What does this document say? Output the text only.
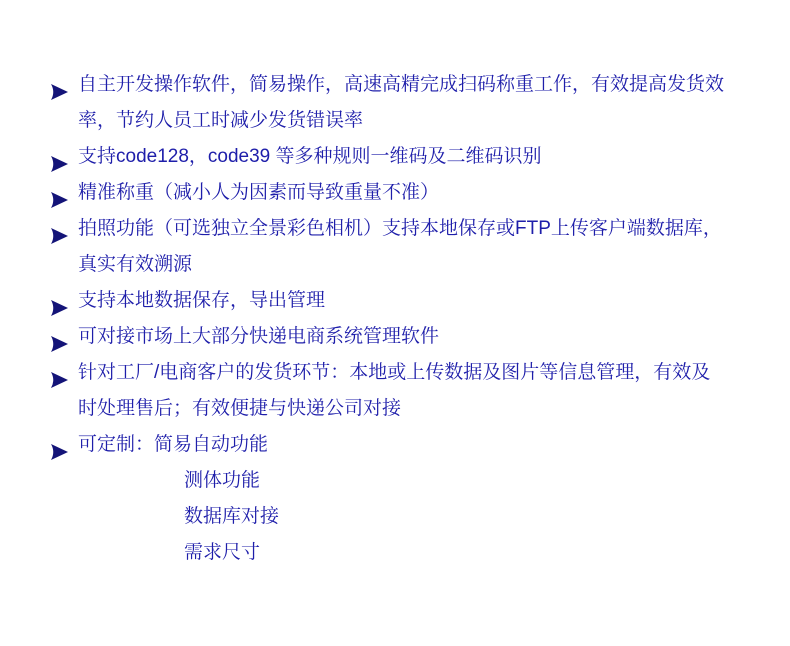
自主开发操作软件，简易操作，高速高精完成扫码称重工作，有效提高发货效率，节约人员工时减少发货错误率
支持code128，code39 等多种规则一维码及二维码识别
精准称重（减小人为因素而导致重量不准）
拍照功能（可选独立全景彩色相机）支持本地保存或FTP上传客户端数据库，真实有效溯源
支持本地数据保存，导出管理
可对接市场上大部分快递电商系统管理软件
针对工厂/电商客户的发货环节：本地或上传数据及图片等信息管理，有效及时处理售后；有效便捷与快递公司对接
可定制：简易自动功能
测体功能
数据库对接
需求尺寸
